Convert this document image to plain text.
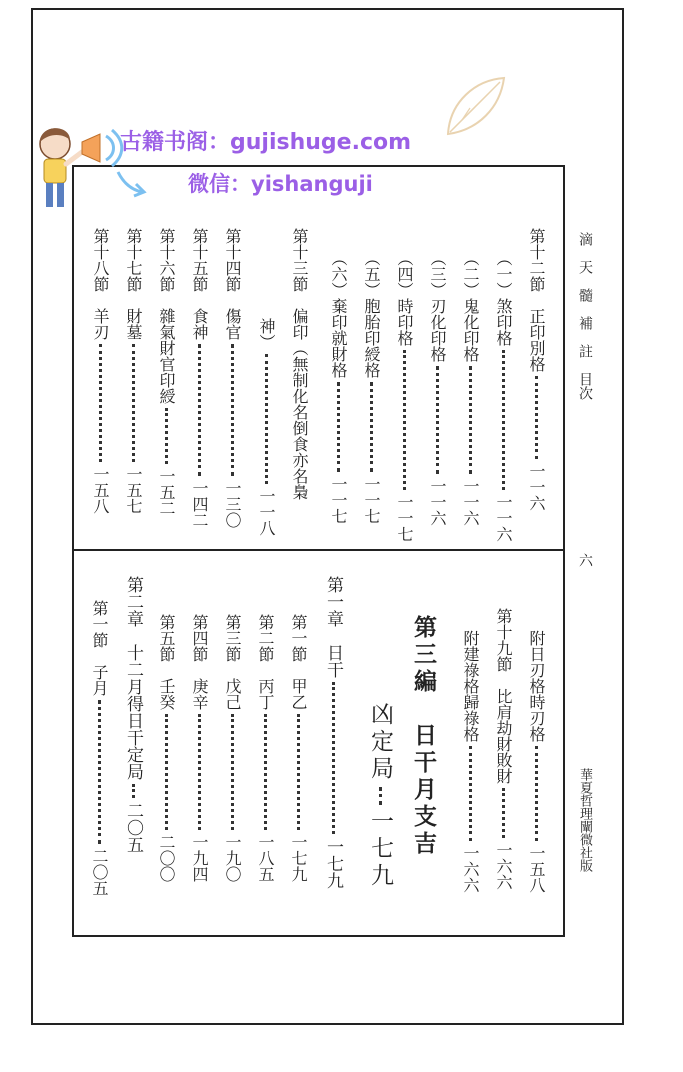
滴天髓補註
目次
六
華夏哲理闡微社版
第十二節　正印別格一一六
（一）煞印格一一六
（二）鬼化印格一一六
（三）刃化印格一一六
（四）時印格一一七
（五）胞胎印綬格一一七
（六）棄印就財格一一七
第十三節　偏印（無制化名倒食亦名梟
神）一一八
第十四節　傷官一三〇
第十五節　食神一四二
第十六節　雜氣財官印綬一五二
第十七節　財墓一五七
第十八節　羊刃一五八
附日刃格時刃格一五八
第十九節　比肩劫財敗財一六六
附建祿格歸祿格一六六
第三編　日干月支吉
凶定局一七九
第一章　日干一七九
第一節　甲乙一七九
第二節　丙丁一八五
第三節　戊己一九〇
第四節　庚辛一九四
第五節　壬癸二〇〇
第二章　十二月得日干定局二〇五
第一節　子月二〇五
古籍书阁：gujishuge.com
微信：yishanguji
